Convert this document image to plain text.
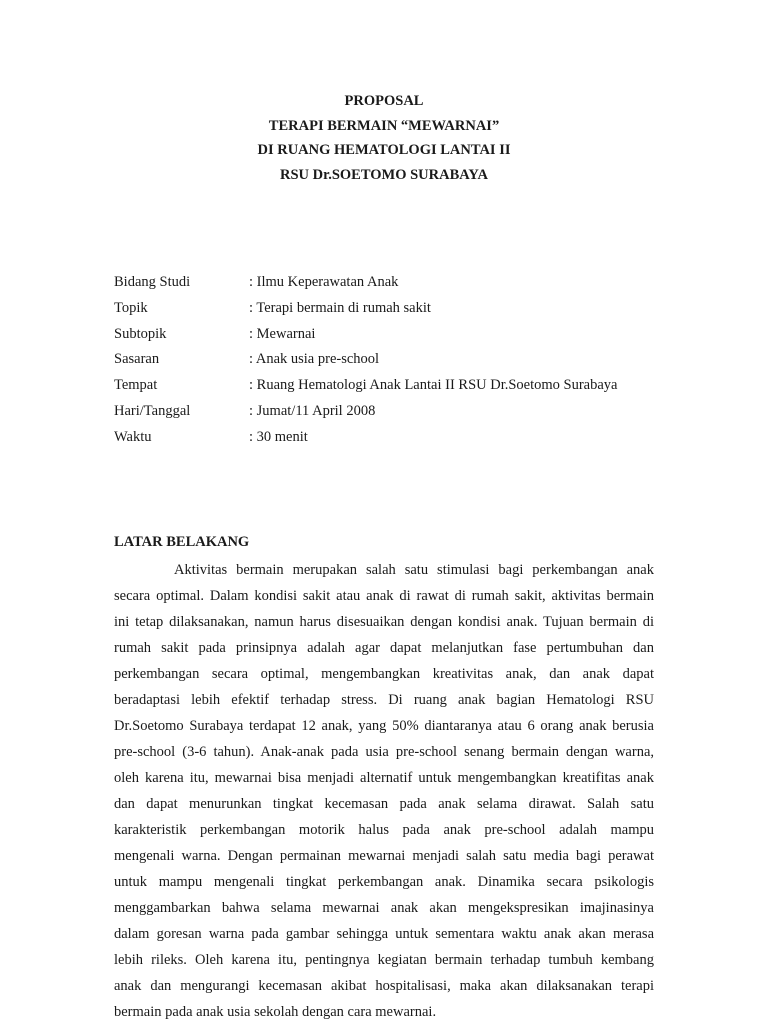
PROPOSAL
TERAPI BERMAIN “MEWARNAI”
DI RUANG HEMATOLOGI LANTAI II
RSU Dr.SOETOMO SURABAYA
Bidang Studi	: Ilmu Keperawatan Anak
Topik	: Terapi bermain di rumah sakit
Subtopik	: Mewarnai
Sasaran	: Anak usia pre-school
Tempat	: Ruang Hematologi Anak Lantai II RSU Dr.Soetomo Surabaya
Hari/Tanggal	: Jumat/11 April 2008
Waktu	: 30 menit
LATAR BELAKANG
Aktivitas bermain merupakan salah satu stimulasi bagi perkembangan anak
secara optimal. Dalam kondisi sakit atau anak di rawat di rumah sakit, aktivitas bermain
ini tetap dilaksanakan, namun harus disesuaikan dengan kondisi anak. Tujuan bermain di
rumah sakit pada prinsipnya adalah agar dapat melanjutkan fase pertumbuhan dan
perkembangan secara optimal, mengembangkan kreativitas anak, dan anak dapat
beradaptasi lebih efektif terhadap stress. Di ruang anak bagian Hematologi RSU
Dr.Soetomo Surabaya terdapat 12 anak, yang 50% diantaranya atau 6 orang anak berusia
pre-school (3-6 tahun). Anak-anak pada usia pre-school senang bermain dengan warna,
oleh karena itu, mewarnai bisa menjadi alternatif untuk mengembangkan kreatifitas anak
dan dapat menurunkan tingkat kecemasan pada anak selama dirawat. Salah satu
karakteristik perkembangan motorik halus pada anak pre-school adalah mampu
mengenali warna. Dengan permainan mewarnai menjadi salah satu media bagi perawat
untuk mampu mengenali tingkat perkembangan anak. Dinamika secara psikologis
menggambarkan bahwa selama mewarnai anak akan mengekspresikan imajinasinya
dalam goresan warna pada gambar sehingga untuk sementara waktu anak akan merasa
lebih rileks. Oleh karena itu, pentingnya kegiatan bermain terhadap tumbuh kembang
anak dan mengurangi kecemasan akibat hospitalisasi, maka akan dilaksanakan terapi
bermain pada anak usia sekolah dengan cara mewarnai.
